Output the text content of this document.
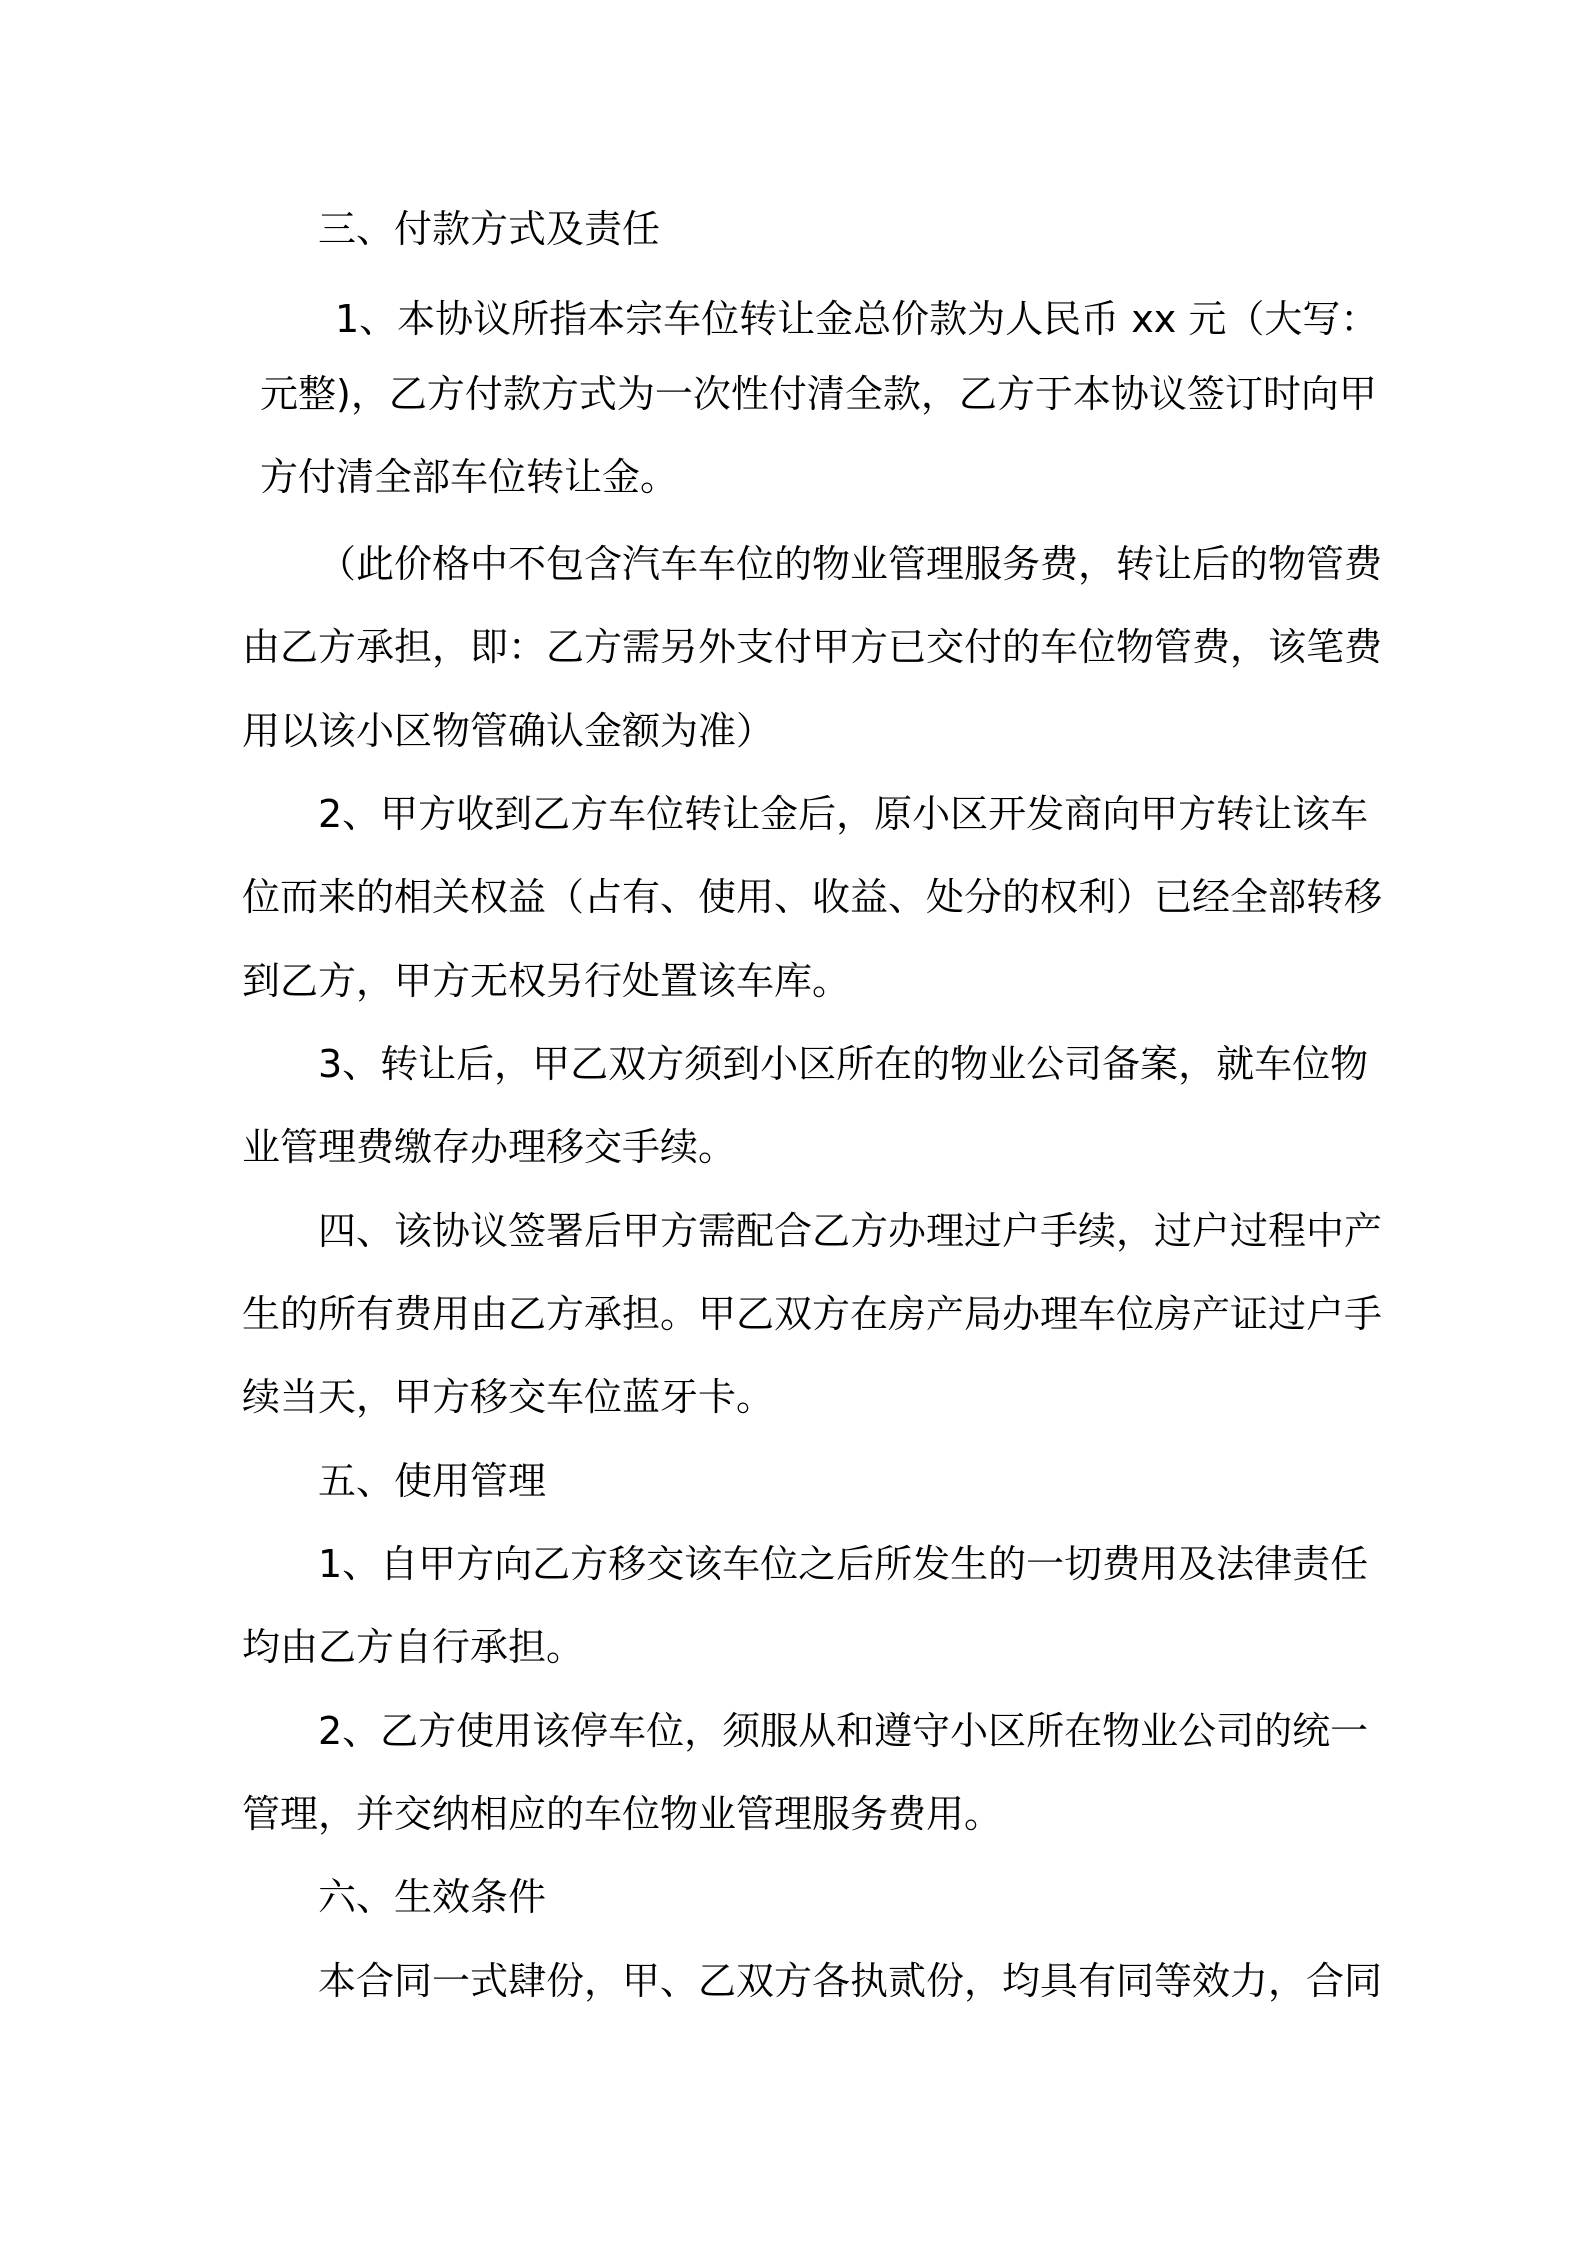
三、付款方式及责任
1、本协议所指本宗车位转让金总价款为人民币 xx 元（大写：
元整)，乙方付款方式为一次性付清全款，乙方于本协议签订时向甲
方付清全部车位转让金。
（此价格中不包含汽车车位的物业管理服务费，转让后的物管费
由乙方承担，即：乙方需另外支付甲方已交付的车位物管费，该笔费
用以该小区物管确认金额为准）
2、甲方收到乙方车位转让金后，原小区开发商向甲方转让该车
位而来的相关权益（占有、使用、收益、处分的权利）已经全部转移
到乙方，甲方无权另行处置该车库。
3、转让后，甲乙双方须到小区所在的物业公司备案，就车位物
业管理费缴存办理移交手续。
四、该协议签署后甲方需配合乙方办理过户手续，过户过程中产
生的所有费用由乙方承担。甲乙双方在房产局办理车位房产证过户手
续当天，甲方移交车位蓝牙卡。
五、使用管理
1、自甲方向乙方移交该车位之后所发生的一切费用及法律责任
均由乙方自行承担。
2、乙方使用该停车位，须服从和遵守小区所在物业公司的统一
管理，并交纳相应的车位物业管理服务费用。
六、生效条件
本合同一式肆份，甲、乙双方各执贰份，均具有同等效力，合同
